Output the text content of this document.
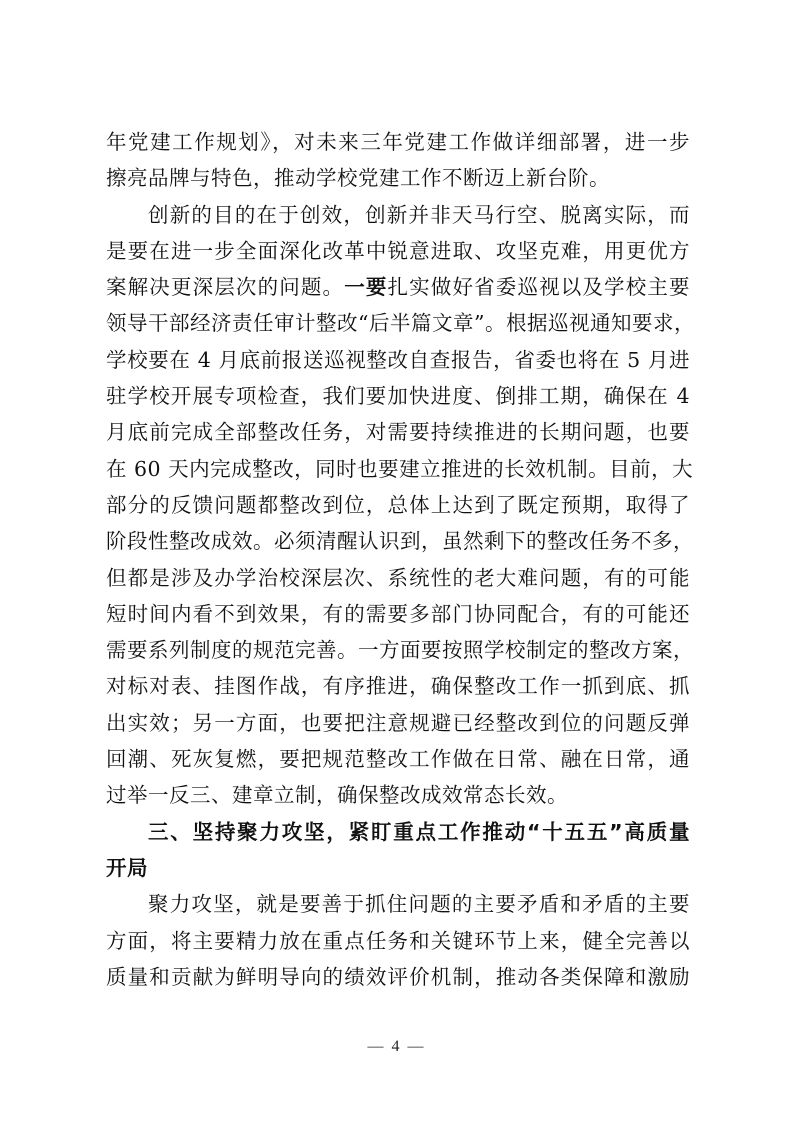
年党建工作规划》，对未来三年党建工作做详细部署，进一步
擦亮品牌与特色，推动学校党建工作不断迈上新台阶。
创新的目的在于创效，创新并非天马行空、脱离实际，而
是要在进一步全面深化改革中锐意进取、攻坚克难，用更优方
案解决更深层次的问题。一要扎实做好省委巡视以及学校主要
领导干部经济责任审计整改“后半篇文章”。根据巡视通知要求，
学校要在 4 月底前报送巡视整改自查报告，省委也将在 5 月进
驻学校开展专项检查，我们要加快进度、倒排工期，确保在 4
月底前完成全部整改任务，对需要持续推进的长期问题，也要
在 60 天内完成整改，同时也要建立推进的长效机制。目前，大
部分的反馈问题都整改到位，总体上达到了既定预期，取得了
阶段性整改成效。必须清醒认识到，虽然剩下的整改任务不多，
但都是涉及办学治校深层次、系统性的老大难问题，有的可能
短时间内看不到效果，有的需要多部门协同配合，有的可能还
需要系列制度的规范完善。一方面要按照学校制定的整改方案，
对标对表、挂图作战，有序推进，确保整改工作一抓到底、抓
出实效；另一方面，也要把注意规避已经整改到位的问题反弹
回潮、死灰复燃，要把规范整改工作做在日常、融在日常，通
过举一反三、建章立制，确保整改成效常态长效。
三、坚持聚力攻坚，紧盯重点工作推动“十五五”高质量
开局
聚力攻坚，就是要善于抓住问题的主要矛盾和矛盾的主要
方面，将主要精力放在重点任务和关键环节上来，健全完善以
质量和贡献为鲜明导向的绩效评价机制，推动各类保障和激励
— 4 —
